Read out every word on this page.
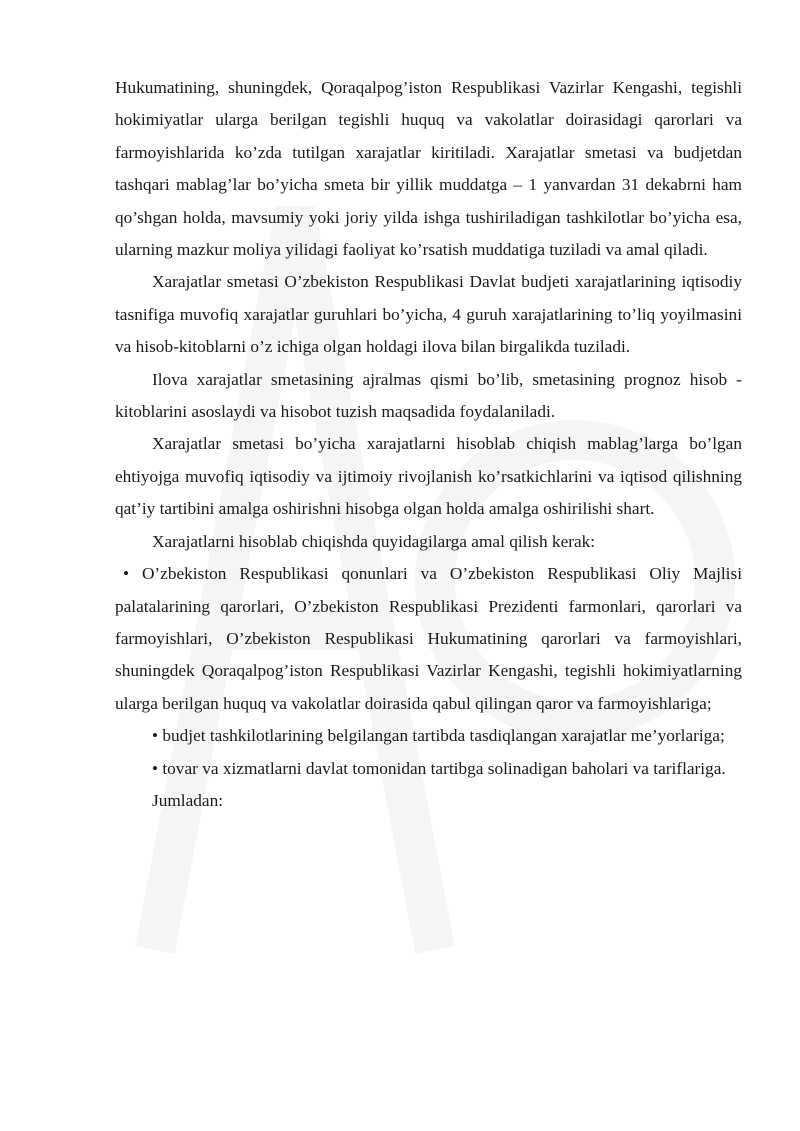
Hukumatining, shuningdek, Qoraqalpog’iston Respublikasi Vazirlar Kengashi, tegishli hokimiyatlar ularga berilgan tegishli huquq va vakolatlar doirasidagi qarorlari va farmoyishlarida ko’zda tutilgan xarajatlar kiritiladi. Xarajatlar smetasi va budjetdan tashqari mablag’lar bo’yicha smeta bir yillik muddatga – 1 yanvardan 31 dekabrni ham qo’shgan holda, mavsumiy yoki joriy yilda ishga tushiriladigan tashkilotlar bo’yicha esa, ularning mazkur moliya yilidagi faoliyat ko’rsatish muddatiga tuziladi va amal qiladi.

Xarajatlar smetasi O’zbekiston Respublikasi Davlat budjeti xarajatlarining iqtisodiy tasnifiga muvofiq xarajatlar guruhlari bo’yicha, 4 guruh xarajatlarining to’liq yoyilmasini va hisob-kitoblarni o’z ichiga olgan holdagi ilova bilan birgalikda tuziladi.

Ilova xarajatlar smetasining ajralmas qismi bo’lib, smetasining prognoz hisob - kitoblarini asoslaydi va hisobot tuzish maqsadida foydalaniladi.

Xarajatlar smetasi bo’yicha xarajatlarni hisoblab chiqish mablag’larga bo’lgan ehtiyojga muvofiq iqtisodiy va ijtimoiy rivojlanish ko’rsatkichlarini va iqtisod qilishning qat’iy tartibini amalga oshirishni hisobga olgan holda amalga oshirilishi shart.

Xarajatlarni hisoblab chiqishda quyidagilarga amal qilish kerak:

• O’zbekiston Respublikasi qonunlari va O’zbekiston Respublikasi Oliy Majlisi palatalarining qarorlari, O’zbekiston Respublikasi Prezidenti farmonlari, qarorlari va farmoyishlari, O’zbekiston Respublikasi Hukumatining qarorlari va farmoyishlari, shuningdek Qoraqalpog’iston Respublikasi Vazirlar Kengashi, tegishli hokimiyatlarning ularga berilgan huquq va vakolatlar doirasida qabul qilingan qaror va farmoyishlariga;

• budjet tashkilotlarining belgilangan tartibda tasdiqlangan xarajatlar me’yorlariga;

• tovar va xizmatlarni davlat tomonidan tartibga solinadigan baholari va tariflariga.

Jumladan:
